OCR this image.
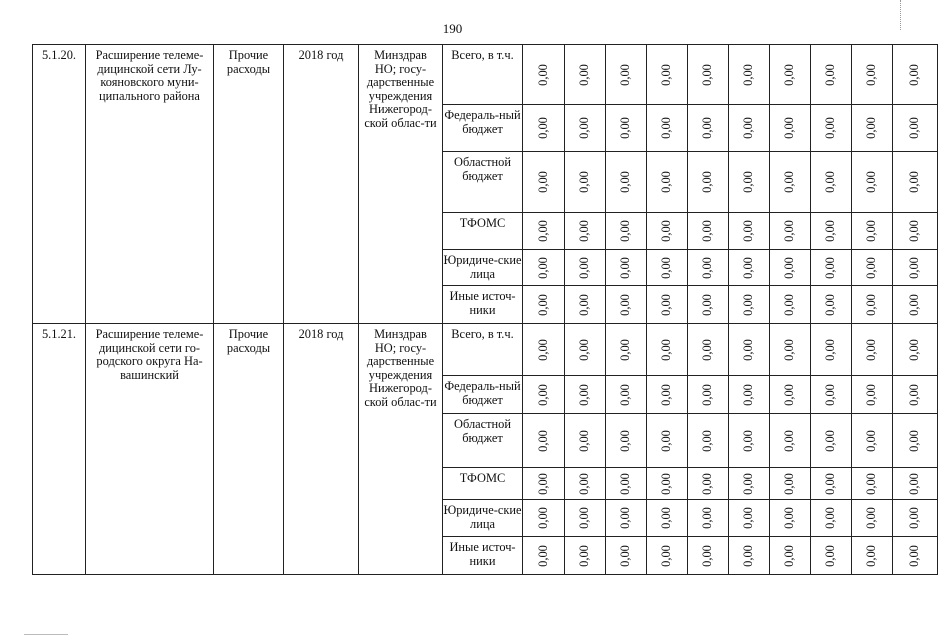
190
5.1.20.	Расширение телеме-дицинской сети Лу-кояновского муни-ципального района	Прочие расходы	2018 год	Минздрав НО; госу-дарственные учреждения Нижегород-ской облас-ти	Всего, в т.ч.	0,00	0,00	0,00	0,00	0,00	0,00	0,00	0,00	0,00	0,00

					Федераль-ный бюджет	0,00	0,00	0,00	0,00	0,00	0,00	0,00	0,00	0,00	0,00

					Областной бюджет	0,00	0,00	0,00	0,00	0,00	0,00	0,00	0,00	0,00	0,00

					ТФОМС	0,00	0,00	0,00	0,00	0,00	0,00	0,00	0,00	0,00	0,00

					Юридиче-ские лица	0,00	0,00	0,00	0,00	0,00	0,00	0,00	0,00	0,00	0,00

					Иные источ-ники	0,00	0,00	0,00	0,00	0,00	0,00	0,00	0,00	0,00	0,00

5.1.21.	Расширение телеме-дицинской сети го-родского округа На-вашинский	Прочие расходы	2018 год	Минздрав НО; госу-дарственные учреждения Нижегород-ской облас-ти	Всего, в т.ч.	0,00	0,00	0,00	0,00	0,00	0,00	0,00	0,00	0,00	0,00

					Федераль-ный бюджет	0,00	0,00	0,00	0,00	0,00	0,00	0,00	0,00	0,00	0,00

					Областной бюджет	0,00	0,00	0,00	0,00	0,00	0,00	0,00	0,00	0,00	0,00

					ТФОМС	0,00	0,00	0,00	0,00	0,00	0,00	0,00	0,00	0,00	0,00

					Юридиче-ские лица	0,00	0,00	0,00	0,00	0,00	0,00	0,00	0,00	0,00	0,00

					Иные источ-ники	0,00	0,00	0,00	0,00	0,00	0,00	0,00	0,00	0,00	0,00
